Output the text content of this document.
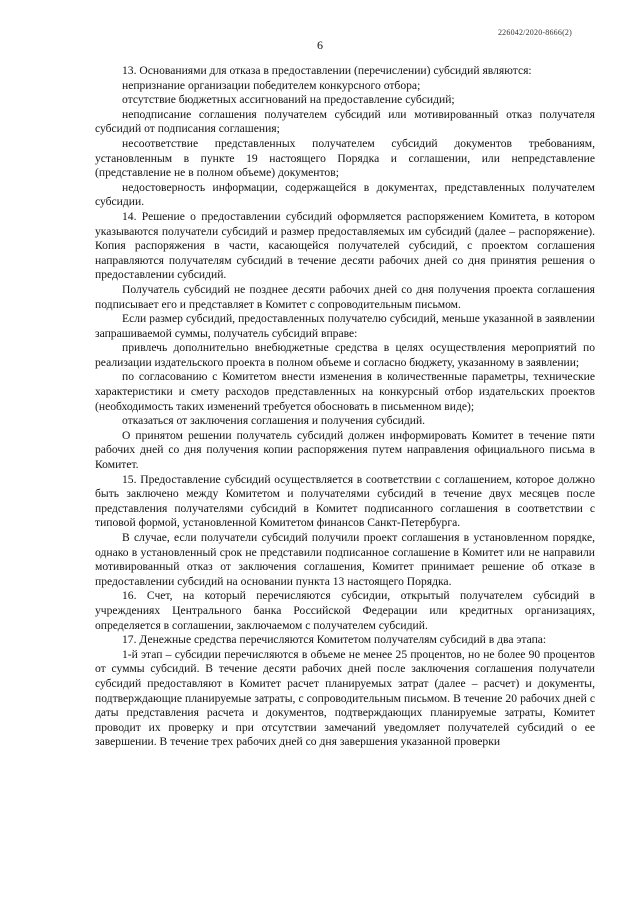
226042/2020-8666(2)
6

13. Основаниями для отказа в предоставлении (перечислении) субсидий являются:

непризнание организации победителем конкурсного отбора;

отсутствие бюджетных ассигнований на предоставление субсидий;

неподписание соглашения получателем субсидий или мотивированный отказ получателя субсидий от подписания соглашения;

несоответствие представленных получателем субсидий документов требованиям, установленным в пункте 19 настоящего Порядка и соглашении, или непредставление (представление не в полном объеме) документов;

недостоверность информации, содержащейся в документах, представленных получателем субсидии.

14. Решение о предоставлении субсидий оформляется распоряжением Комитета, в котором указываются получатели субсидий и размер предоставляемых им субсидий (далее – распоряжение). Копия распоряжения в части, касающейся получателей субсидий, с проектом соглашения направляются получателям субсидий в течение десяти рабочих дней со дня принятия решения о предоставлении субсидий.

Получатель субсидий не позднее десяти рабочих дней со дня получения проекта соглашения подписывает его и представляет в Комитет с сопроводительным письмом.

Если размер субсидий, предоставленных получателю субсидий, меньше указанной в заявлении запрашиваемой суммы, получатель субсидий вправе:

привлечь дополнительно внебюджетные средства в целях осуществления мероприятий по реализации издательского проекта в полном объеме и согласно бюджету, указанному в заявлении;

по согласованию с Комитетом внести изменения в количественные параметры, технические характеристики и смету расходов представленных на конкурсный отбор издательских проектов (необходимость таких изменений требуется обосновать в письменном виде);

отказаться от заключения соглашения и получения субсидий.

О принятом решении получатель субсидий должен информировать Комитет в течение пяти рабочих дней со дня получения копии распоряжения путем направления официального письма в Комитет.

15. Предоставление субсидий осуществляется в соответствии с соглашением, которое должно быть заключено между Комитетом и получателями субсидий в течение двух месяцев после представления получателями субсидий в Комитет подписанного соглашения в соответствии с типовой формой, установленной Комитетом финансов Санкт-Петербурга.

В случае, если получатели субсидий получили проект соглашения в установленном порядке, однако в установленный срок не представили подписанное соглашение в Комитет или не направили мотивированный отказ от заключения соглашения, Комитет принимает решение об отказе в предоставлении субсидий на основании пункта 13 настоящего Порядка.

16. Счет, на который перечисляются субсидии, открытый получателем субсидий в учреждениях Центрального банка Российской Федерации или кредитных организациях, определяется в соглашении, заключаемом с получателем субсидий.

17. Денежные средства перечисляются Комитетом получателям субсидий в два этапа:

1-й этап – субсидии перечисляются в объеме не менее 25 процентов, но не более 90 процентов от суммы субсидий. В течение десяти рабочих дней после заключения соглашения получатели субсидий предоставляют в Комитет расчет планируемых затрат (далее – расчет) и документы, подтверждающие планируемые затраты, с сопроводительным письмом. В течение 20 рабочих дней с даты представления расчета и документов, подтверждающих планируемые затраты, Комитет проводит их проверку и при отсутствии замечаний уведомляет получателей субсидий о ее завершении. В течение трех рабочих дней со дня завершения указанной проверки
